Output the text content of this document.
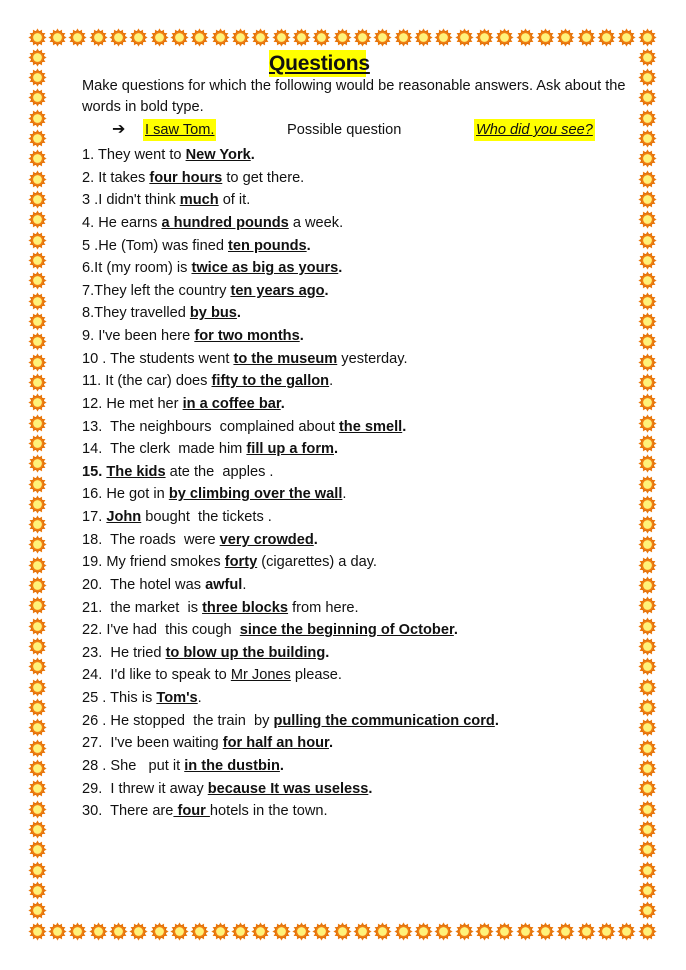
Questions
Make questions for which the following would be reasonable answers. Ask about the words in bold type.
➔ I saw Tom.	Possible question	Who did you see?
1. They went to New York.
2. It takes four hours to get there.
3 .I didn't think much of it.
4. He earns a hundred pounds a week.
5 .He (Tom) was fined ten pounds.
6.It (my room) is twice as big as yours.
7.They left the country ten years ago.
8.They travelled by bus.
9. I've been here for two months.
10 . The students went to the museum yesterday.
11. It (the car) does fifty to the gallon.
12. He met her in a coffee bar.
13.  The neighbours  complained about the smell.
14.  The clerk  made him fill up a form.
15. The kids ate the  apples .
16. He got in by climbing over the wall.
17. John bought  the tickets .
18.  The roads  were very crowded.
19. My friend smokes forty (cigarettes) a day.
20.  The hotel was awful.
21.  the market  is three blocks from here.
22. I've had  this cough  since the beginning of October.
23.  He tried to blow up the building.
24.  I'd like to speak to Mr Jones please.
25 . This is Tom's.
26 . He stopped  the train  by pulling the communication cord.
27.  I've been waiting for half an hour.
28 . She   put it in the dustbin.
29.  I threw it away because It was useless.
30.  There are four hotels in the town.
